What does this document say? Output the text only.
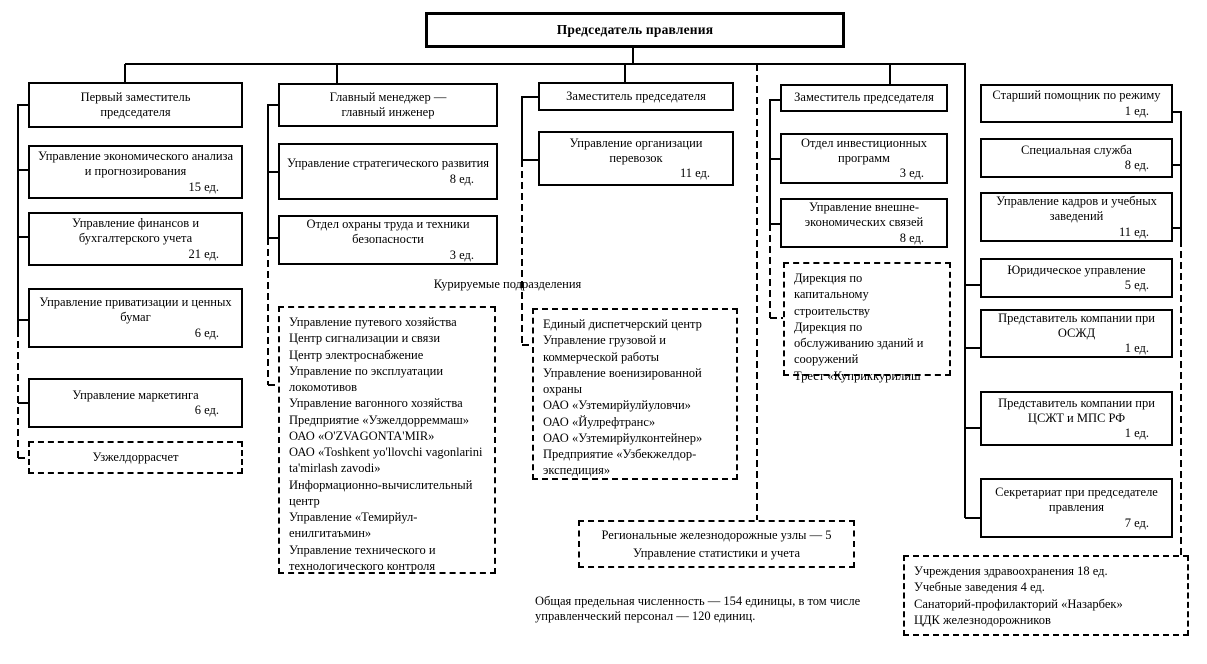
Председатель правления
Первый заместитель
председателя
Управление экономического анализа и прогнозирования
15 ед.
Управление финансов и бухгалтерского учета
21 ед.
Управление приватизации и ценных бумаг
6 ед.
Управление маркетинга
6 ед.
Узжелдоррасчет
Главный менеджер —
главный инженер
Управление стратегического развития
8 ед.
Отдел охраны труда и техники безопасности
3 ед.
Курируемые подразделения
Управление путевого хозяйства
Центр сигнализации и связи
Центр электроснабжение
Управление по эксплуатации локомотивов
Управление вагонного хозяйства
Предприятие «Узжелдорреммаш»
ОАО «O'ZVAGONTA'MIR»
ОАО «Toshkent yo'llovchi vagonlarini ta'mirlash zavodi»
Информационно-вычислительный центр
Управление «Темирйул-енилгитаъмин»
Управление технического и технологического контроля
Заместитель председателя
Управление организации перевозок
11 ед.
Единый диспетчерский центр
Управление грузовой и коммерческой работы
Управление военизированной охраны
ОАО «Узтемирйулйуловчи»
ОАО «Йулрефтранс»
ОАО «Узтемирйулконтейнер»
Предприятие «Узбекжелдор-экспедиция»
Региональные железнодорожные узлы — 5
Управление статистики и учета
Заместитель председателя
Отдел инвестиционных программ
3 ед.
Управление внешне-экономических связей
8 ед.
Дирекция по капитальному строительству
Дирекция по обслуживанию зданий и сооружений
Трест «Куприккурилиш
Старший помощник по режиму
1 ед.
Специальная служба
8 ед.
Управление кадров и учебных заведений
11 ед.
Юридическое управление
5 ед.
Представитель компании при ОСЖД
1 ед.
Представитель компании при ЦСЖТ и МПС РФ
1 ед.
Секретариат при председателе правления
7 ед.
Учреждения здравоохранения 18 ед.
Учебные заведения 4 ед.
Санаторий-профилакторий «Назарбек»
ЦДК железнодорожников
Общая предельная численность — 154 единицы, в том числе управленческий персонал — 120 единиц.
